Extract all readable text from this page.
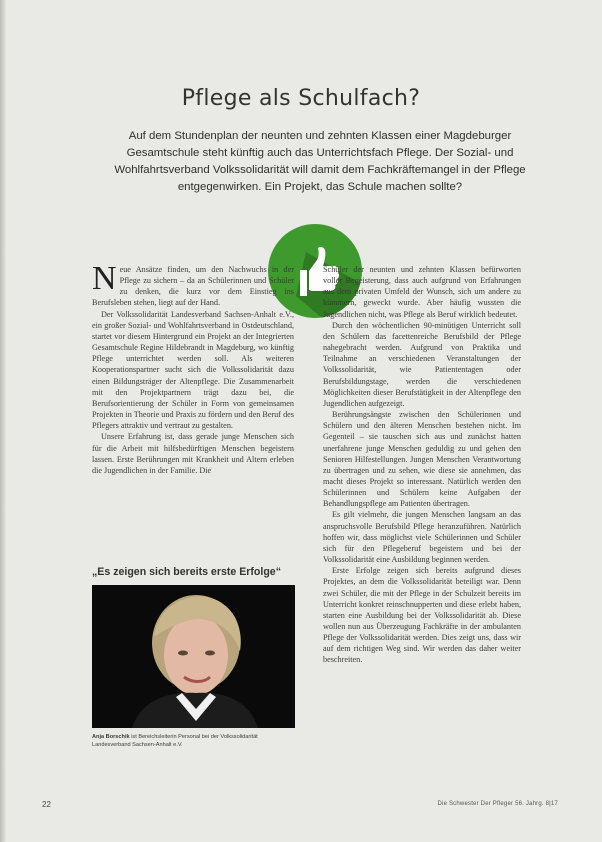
Pflege als Schulfach?
Auf dem Stundenplan der neunten und zehnten Klassen einer Magdeburger Gesamtschule steht künftig auch das Unterrichtsfach Pflege. Der Sozial- und Wohlfahrtsverband Volkssolidarität will damit dem Fachkräftemangel in der Pflege entgegenwirken. Ein Projekt, das Schule machen sollte?

Neue Ansätze finden, um den Nachwuchs in der Pflege zu sichern – da an Schülerinnen und Schüler zu denken, die kurz vor dem Einstieg ins Berufsleben stehen, liegt auf der Hand.

Der Volkssolidarität Landesverband Sachsen-Anhalt e.V., ein großer Sozial- und Wohlfahrtsverband in Ostdeutschland, startet vor diesem Hintergrund ein Projekt an der Integrierten Gesamtschule Regine Hildebrandt in Magdeburg, wo künftig Pflege unterrichtet werden soll. Als weiteren Kooperationspartner sucht sich die Volkssolidarität dazu einen Bildungsträger der Altenpflege. Die Zusammenarbeit mit den Projektpartnern trägt dazu bei, die Berufsorientierung der Schüler in Form von gemeinsamen Projekten in Theorie und Praxis zu fördern und den Beruf des Pflegers attraktiv und vertraut zu gestalten.

Unsere Erfahrung ist, dass gerade junge Menschen sich für die Arbeit mit hilfsbedürftigen Menschen begeistern lassen. Erste Berührungen mit Krankheit und Altern erleben die Jugendlichen in der Familie. Die

Schüler der neunten und zehnten Klassen befürworten voller Begeisterung, dass auch aufgrund von Erfahrungen aus dem privaten Umfeld der Wunsch, sich um andere zu kümmern, geweckt wurde. Aber häufig wussten die Jugendlichen nicht, was Pflege als Beruf wirklich bedeutet.

Durch den wöchentlichen 90-minütigen Unterricht soll den Schülern das facettenreiche Berufsbild der Pflege nahegebracht werden. Aufgrund von Praktika und Teilnahme an verschiedenen Veranstaltungen der Volkssolidarität, wie Patiententagen oder Berufsbildungstage, werden die verschiedenen Möglichkeiten dieser Berufstätigkeit in der Altenpflege den Jugendlichen aufgezeigt.

Berührungsängste zwischen den Schülerinnen und Schülern und den älteren Menschen bestehen nicht. Im Gegenteil – sie tauschen sich aus und zunächst hatten unerfahrene junge Menschen geduldig zu und gehen den Senioren Hilfestellungen. Jungen Menschen Verantwortung zu übertragen und zu sehen, wie diese sie annehmen, das macht dieses Projekt so interessant. Natürlich werden den Schülerinnen und Schülern keine Aufgaben der Behandlungspflege am Patienten übertragen.

Es gilt vielmehr, die jungen Menschen langsam an das anspruchsvolle Berufsbild Pflege heranzuführen. Natürlich hoffen wir, dass möglichst viele Schülerinnen und Schüler sich für den Pflegeberuf begeistern und bei der Volkssolidarität eine Ausbildung beginnen werden.

Erste Erfolge zeigen sich bereits aufgrund dieses Projektes, an dem die Volkssolidarität beteiligt war. Denn zwei Schüler, die mit der Pflege in der Schulzeit bereits im Unterricht konkret reinschnupperten und diese erlebt haben, starten eine Ausbildung bei der Volkssolidarität ab. Diese wollen nun aus Überzeugung Fachkräfte in der ambulanten Pflege der Volkssolidarität werden. Dies zeigt uns, dass wir auf dem richtigen Weg sind. Wir werden das daher weiter beschreiten.

„Es zeigen sich bereits erste Erfolge“
Anja Borschik ist Bereichsleiterin Personal bei der Volkssolidarität Landesverband Sachsen-Anhalt e.V.
22	Die Schwester Der Pfleger 56. Jahrg. 8|17
